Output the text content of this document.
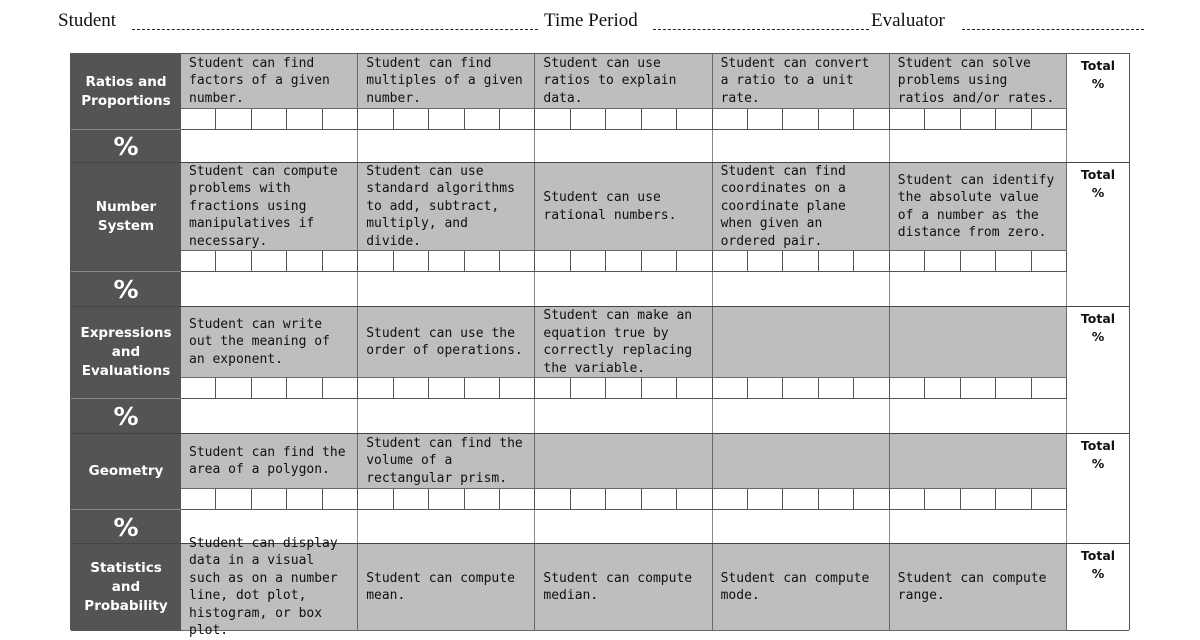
Student	Time Period	Evaluator
Ratios and Proportions
%
Student can find factors of a given number.
Student can find multiples of a given number.
Student can use ratios to explain data.
Student can convert a ratio to a unit rate.
Student can solve problems using ratios and/or rates.
Total
%
Number System
%
Student can compute problems with fractions using manipulatives if necessary.
Student can use standard algorithms to add, subtract, multiply, and divide.
Student can use rational numbers.
Student can find coordinates on a coordinate plane when given an ordered pair.
Student can identify the absolute value of a number as the distance from zero.
Total
%
Expressions and Evaluations
%
Student can write out the meaning of an exponent.
Student can use the order of operations.
Student can make an equation true by correctly replacing the variable.
Total
%
Geometry
%
Student can find the area of a polygon.
Student can find the volume of a rectangular prism.
Total
%
Statistics and Probability
Student can display data in a visual such as on a number line, dot plot, histogram, or box plot.
Student can compute mean.
Student can compute median.
Student can compute mode.
Student can compute range.
Total
%
